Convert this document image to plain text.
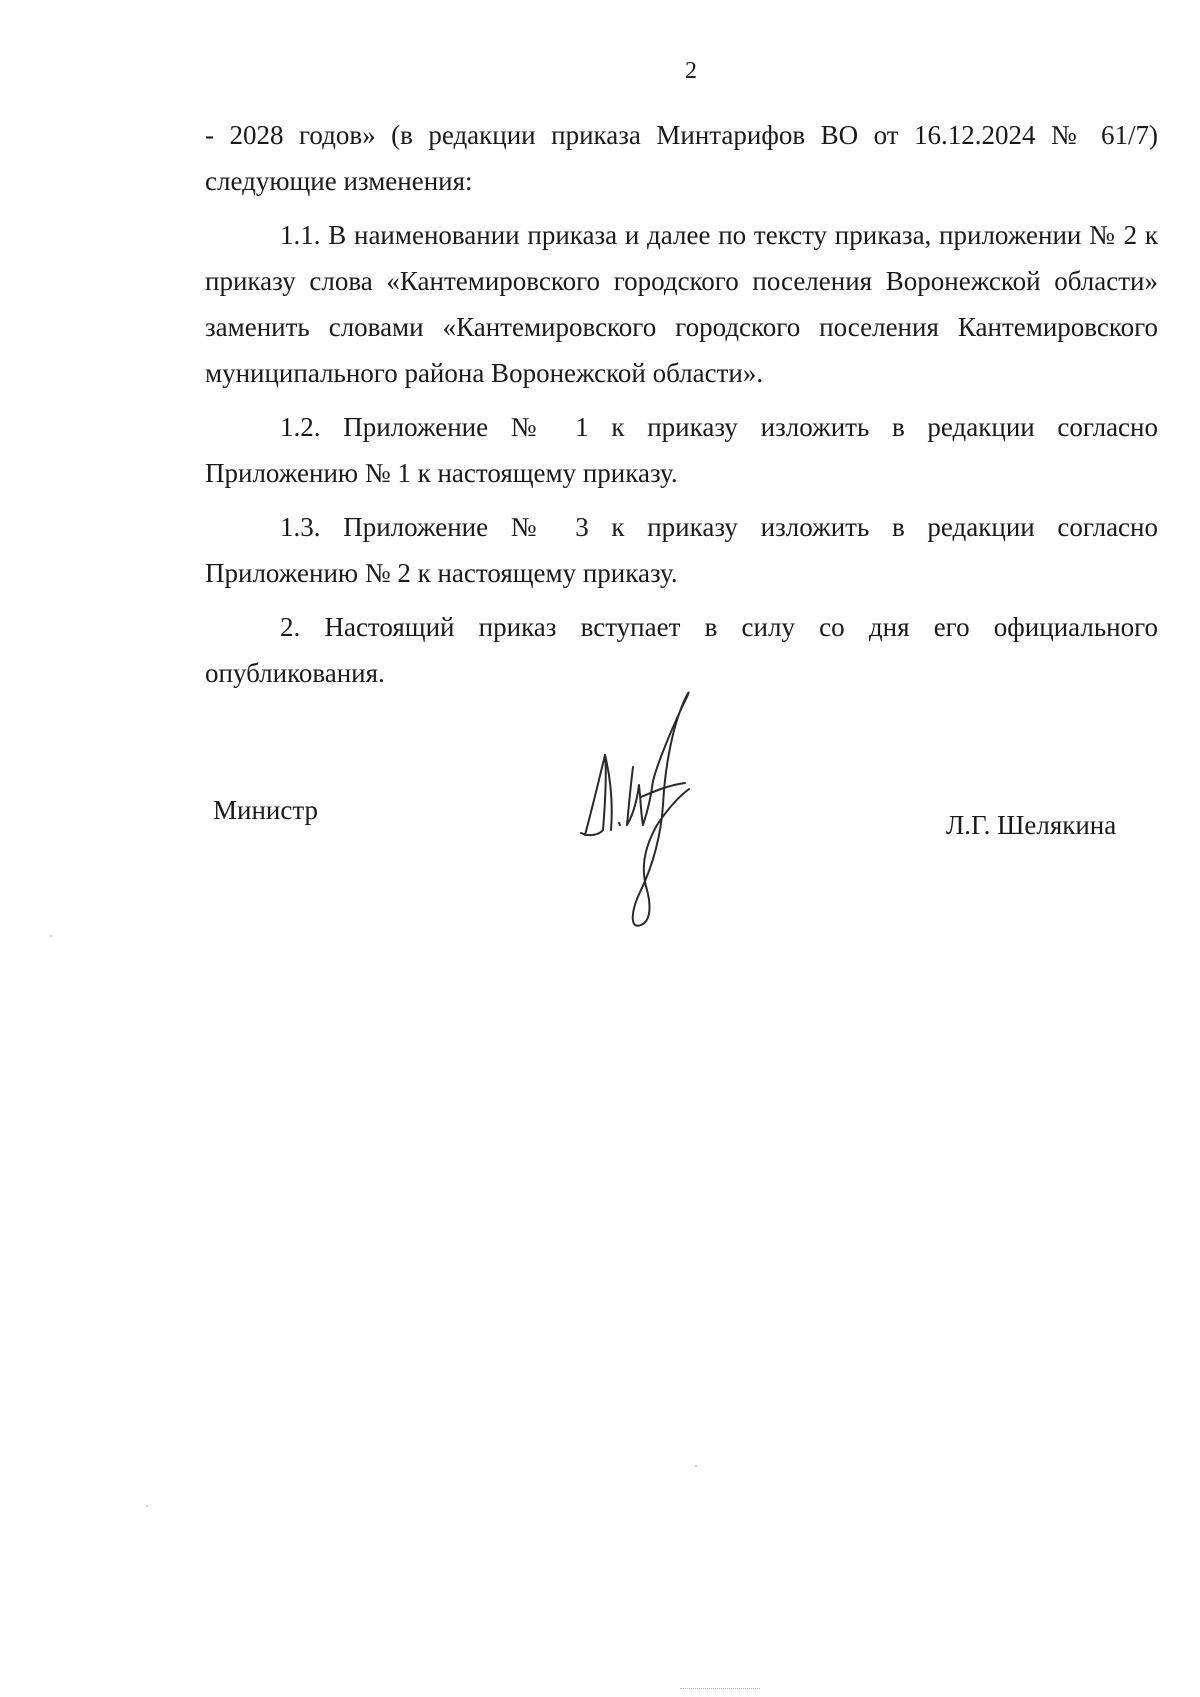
2

- 2028 годов» (в редакции приказа Минтарифов ВО от 16.12.2024 № 61/7) следующие изменения:

1.1. В наименовании приказа и далее по тексту приказа, приложении № 2 к приказу слова «Кантемировского городского поселения Воронежской области» заменить словами «Кантемировского городского поселения Кантемировского муниципального района Воронежской области».

1.2. Приложение № 1 к приказу изложить в редакции согласно Приложению № 1 к настоящему приказу.

1.3. Приложение № 3 к приказу изложить в редакции согласно Приложению № 2 к настоящему приказу.

2. Настоящий приказ вступает в силу со дня его официального опубликования.

Министр	Л.Г. Шелякина
